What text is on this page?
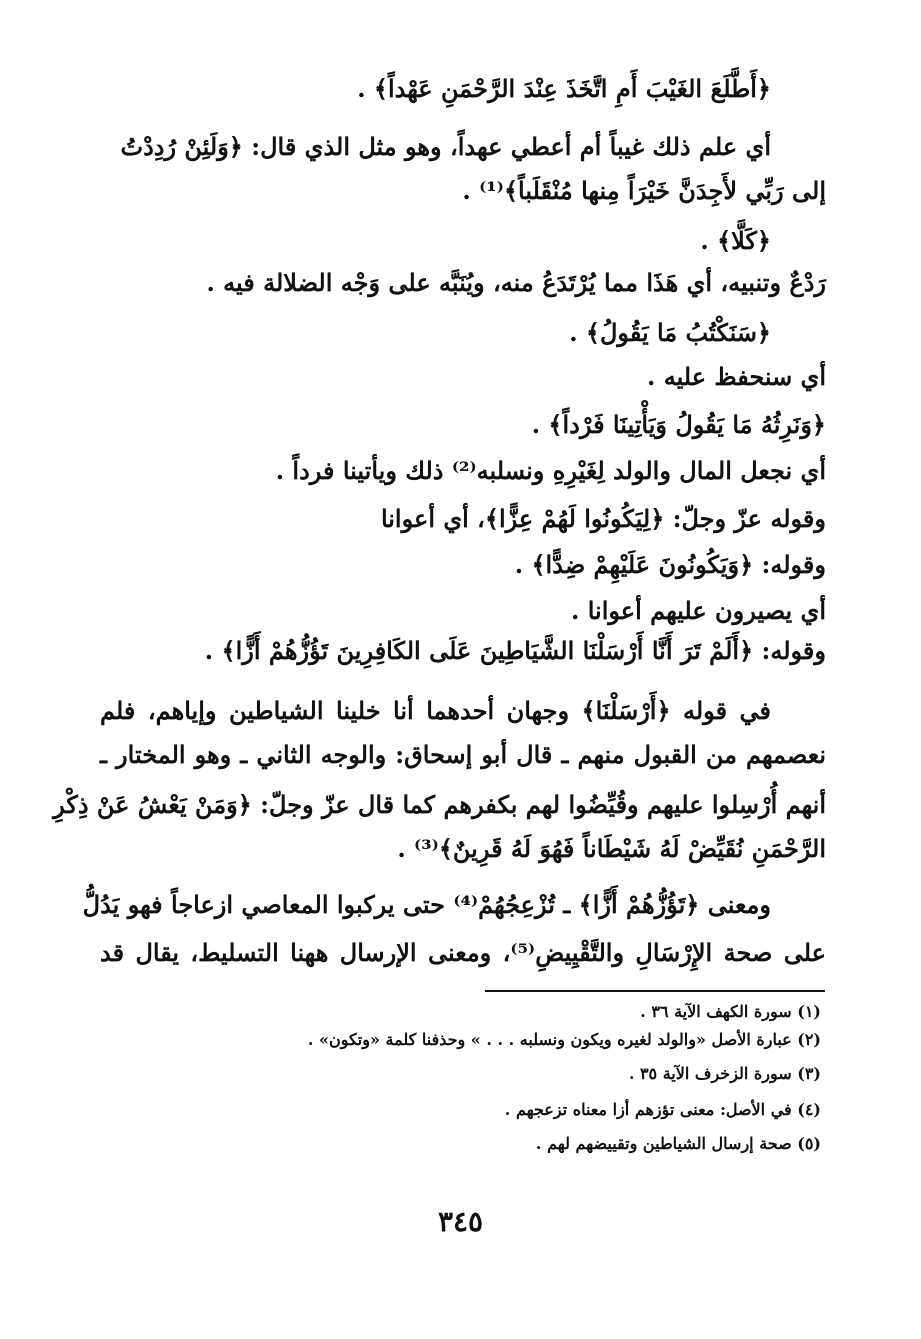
﴿أَطَّلَعَ الغَيْبَ أَمِ اتَّخَذَ عِنْدَ الرَّحْمَنِ عَهْداً﴾ .
أي علم ذلك غيباً أم أعطي عهداً، وهو مثل الذي قال: ﴿وَلَئِنْ رُدِدْتُ
إلى رَبِّي لأَجِدَنَّ خَيْرَاً مِنها مُنْقَلَباً﴾⁽¹⁾ .
﴿كَلَّا﴾ .
رَدْعٌ وتنبيه، أي هَذَا مما يُرْتَدَعُ منه، ويُنَبَّه على وَجْه الضلالة فيه .
﴿سَنَكْتُبُ مَا يَقُولُ﴾ .
أي سنحفظ عليه .
﴿وَنَرِثُهُ مَا يَقُولُ وَيَأْتِينَا فَرْداً﴾ .
أي نجعل المال والولد لِغَيْرِهِ ونسلبه⁽²⁾ ذلك ويأتينا فرداً .
وقوله عزّ وجلّ: ﴿لِيَكُونُوا لَهُمْ عِزًّا﴾، أي أعوانا
وقوله: ﴿وَيَكُونُونَ عَلَيْهِمْ ضِدًّا﴾ .
أي يصيرون عليهم أعوانا .
وقوله: ﴿أَلَمْ تَرَ أَنَّا أَرْسَلْنَا الشَّيَاطِينَ عَلَى الكَافِرِينَ تَؤُزُّهُمْ أَزًّا﴾ .
في قوله ﴿أَرْسَلْنَا﴾ وجهان أحدهما أنا خلينا الشياطين وإياهم، فلم
نعصمهم من القبول منهم ـ قال أبو إسحاق: والوجه الثاني ـ وهو المختار ـ
أنهم أُرْسِلوا عليهم وقُيِّضُوا لهم بكفرهم كما قال عزّ وجلّ: ﴿وَمَنْ يَعْشُ عَنْ ذِكْرِ
الرَّحْمَنِ نُقَيِّضْ لَهُ شَيْطَاناً فَهُوَ لَهُ قَرِينٌ﴾⁽³⁾ .
ومعنى ﴿تَؤُزُّهُمْ أَزًّا﴾ ـ تُزْعِجُهُمْ⁽⁴⁾ حتى يركبوا المعاصي ازعاجاً فهو يَدُلُّ
على صحة الإِرْسَالِ والتَّقْيِيضِ⁽⁵⁾، ومعنى الإرسال ههنا التسليط، يقال قد
(١) سورة الكهف الآية ٣٦ .
(٢) عبارة الأصل «والولد لغيره ويكون ونسلبه . . . » وحذفنا كلمة «وتكون» .
(٣) سورة الزخرف الآية ٣٥ .
(٤) في الأصل: معنى تؤزهم أزا معناه تزعجهم .
(٥) صحة إرسال الشياطين وتقييضهم لهم .
٣٤٥
